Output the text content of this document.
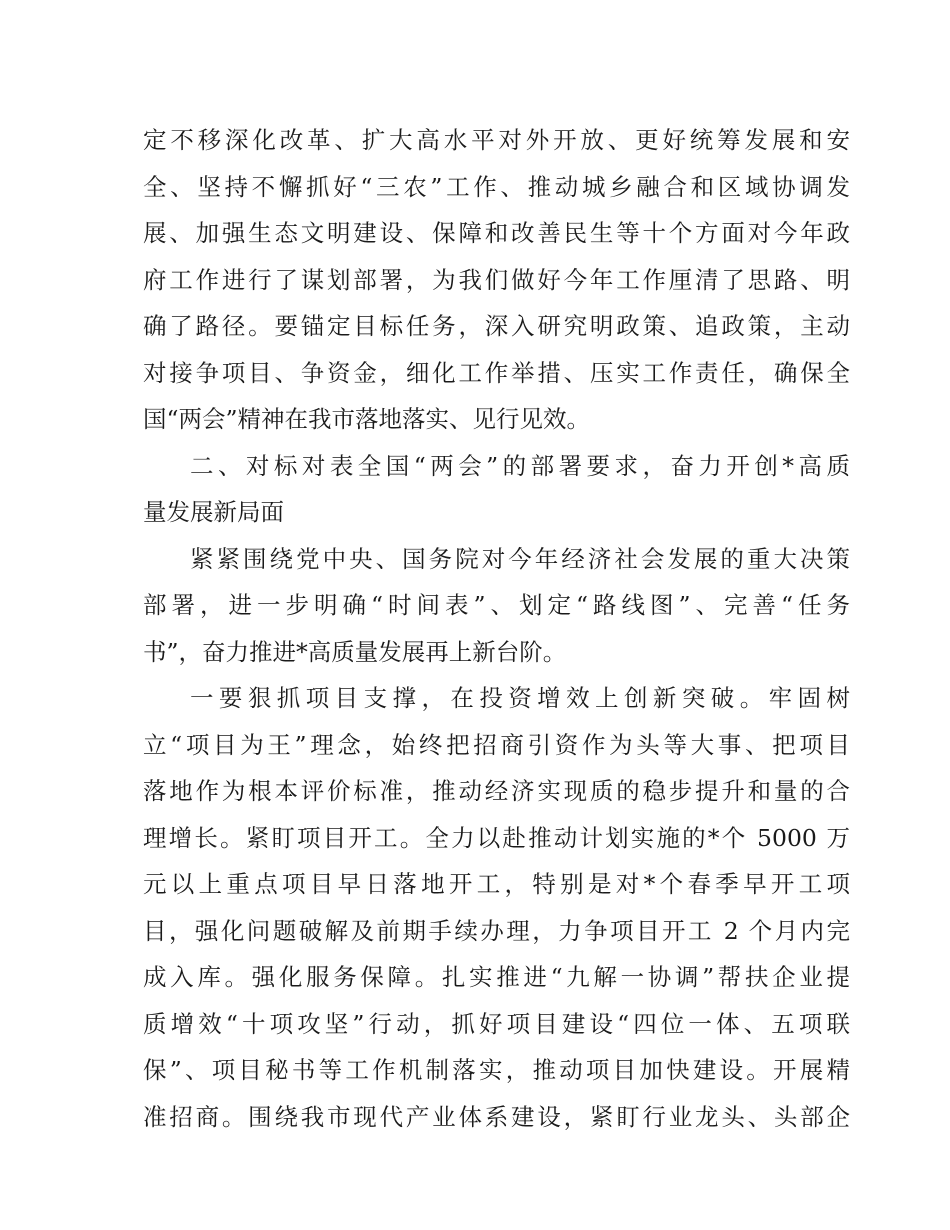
定不移深化改革、扩大高水平对外开放、更好统筹发展和安
全、坚持不懈抓好“三农”工作、推动城乡融合和区域协调发
展、加强生态文明建设、保障和改善民生等十个方面对今年政
府工作进行了谋划部署，为我们做好今年工作厘清了思路、明
确了路径。要锚定目标任务，深入研究明政策、追政策，主动
对接争项目、争资金，细化工作举措、压实工作责任，确保全
国“两会”精神在我市落地落实、见行见效。
二、对标对表全国“两会”的部署要求，奋力开创*高质
量发展新局面
紧紧围绕党中央、国务院对今年经济社会发展的重大决策
部署，进一步明确“时间表”、划定“路线图”、完善“任务
书”，奋力推进*高质量发展再上新台阶。
一要狠抓项目支撑，在投资增效上创新突破。牢固树
立“项目为王”理念，始终把招商引资作为头等大事、把项目
落地作为根本评价标准，推动经济实现质的稳步提升和量的合
理增长。紧盯项目开工。全力以赴推动计划实施的*个 5000 万
元以上重点项目早日落地开工，特别是对*个春季早开工项
目，强化问题破解及前期手续办理，力争项目开工 2 个月内完
成入库。强化服务保障。扎实推进“九解一协调”帮扶企业提
质增效“十项攻坚”行动，抓好项目建设“四位一体、五项联
保”、项目秘书等工作机制落实，推动项目加快建设。开展精
准招商。围绕我市现代产业体系建设，紧盯行业龙头、头部企
